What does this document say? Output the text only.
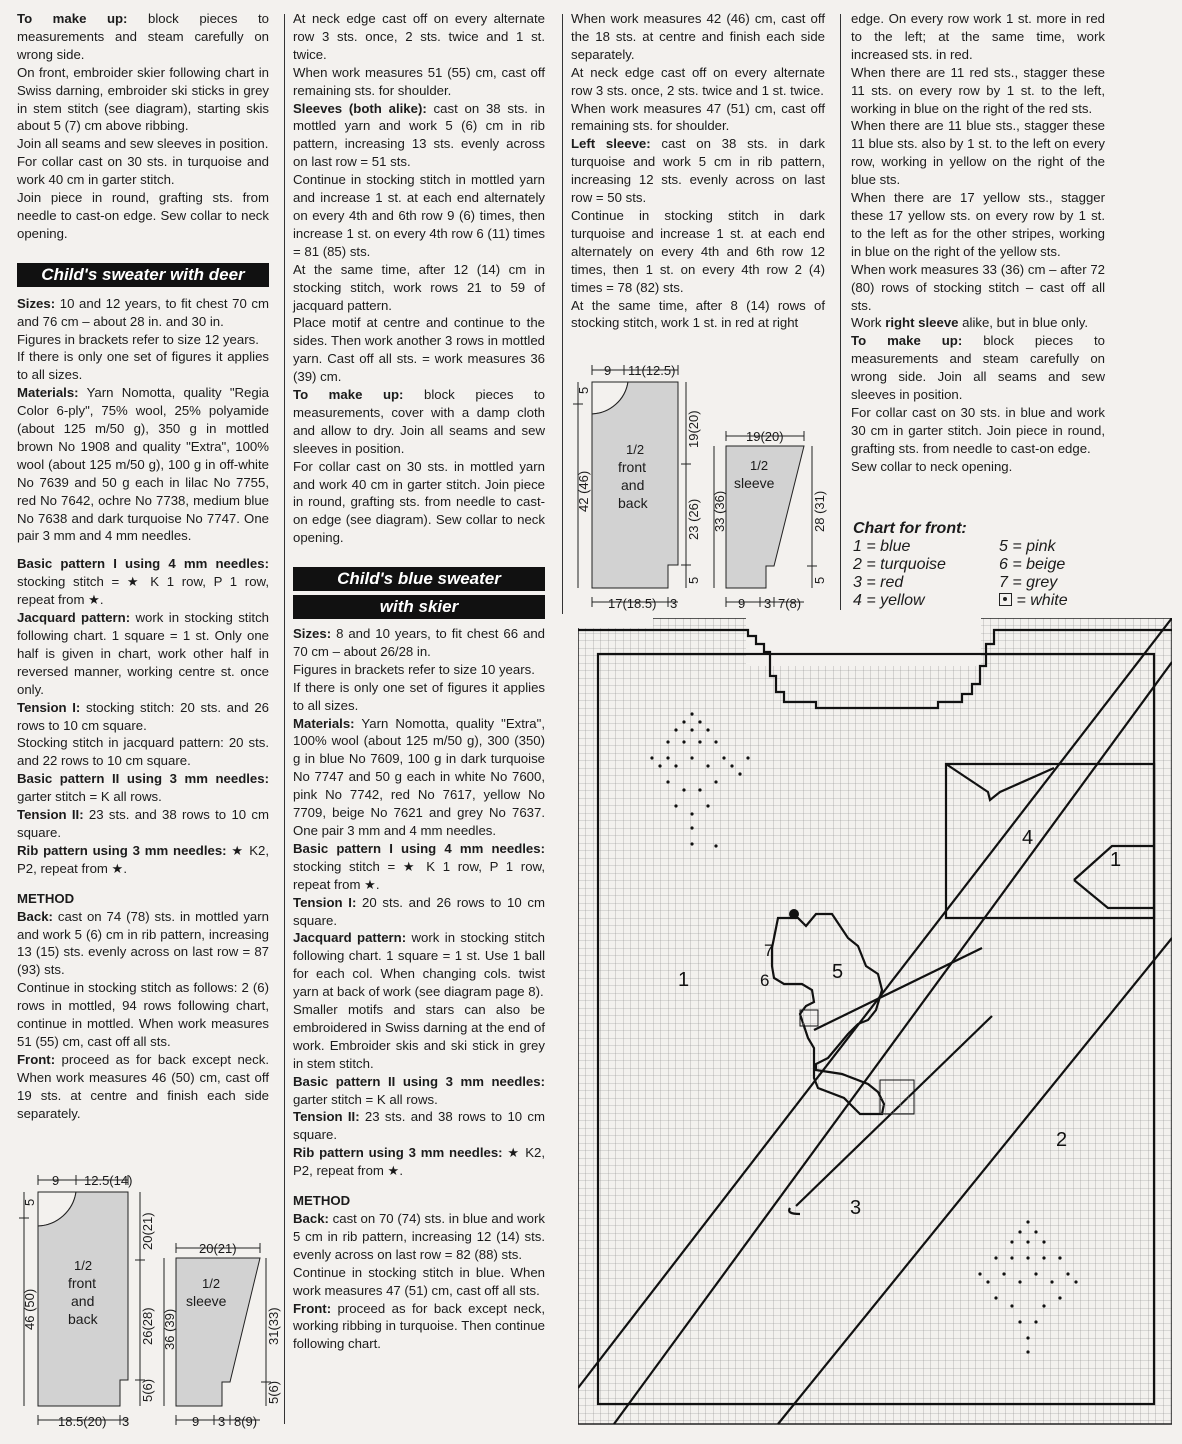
To make up: block pieces to measurements and steam carefully on wrong side.

On front, embroider skier following chart in Swiss darning, embroider ski sticks in grey in stem stitch (see diagram), starting skis about 5 (7) cm above ribbing.

Join all seams and sew sleeves in position.

For collar cast on 30 sts. in turquoise and work 40 cm in garter stitch.

Join piece in round, grafting sts. from needle to cast-on edge. Sew collar to neck opening.

Child's sweater with deer

Sizes: 10 and 12 years, to fit chest 70 cm and 76 cm – about 28 in. and 30 in.

Figures in brackets refer to size 12 years.

If there is only one set of figures it applies to all sizes.

Materials: Yarn Nomotta, quality "Regia Color 6-ply", 75% wool, 25% polyamide (about 125 m/50 g), 350 g in mottled brown No 1908 and quality "Extra", 100% wool (about 125 m/50 g), 100 g in off-white No 7639 and 50 g each in lilac No 7755, red No 7642, ochre No 7738, medium blue No 7638 and dark turquoise No 7747. One pair 3 mm and 4 mm needles.

Basic pattern I using 4 mm needles: stocking stitch = ★ K 1 row, P 1 row, repeat from ★.

Jacquard pattern: work in stocking stitch following chart. 1 square = 1 st. Only one half is given in chart, work other half in reversed manner, working centre st. once only.

Tension I: stocking stitch: 20 sts. and 26 rows to 10 cm square.

Stocking stitch in jacquard pattern: 20 sts. and 22 rows to 10 cm square.

Basic pattern II using 3 mm needles: garter stitch = K all rows.

Tension II: 23 sts. and 38 rows to 10 cm square.

Rib pattern using 3 mm needles: ★ K2, P2, repeat from ★.

METHOD

Back: cast on 74 (78) sts. in mottled yarn and work 5 (6) cm in rib pattern, increasing 13 (15) sts. evenly across on last row = 87 (93) sts.

Continue in stocking stitch as follows: 2 (6) rows in mottled, 94 rows following chart, continue in mottled. When work measures 51 (55) cm, cast off all sts.

Front: proceed as for back except neck. When work measures 46 (50) cm, cast off 19 sts. at centre and finish each side separately.

9 12.5(14)
1/2
front
and
back
5
46 (50)
20(21)
26(28)
5(6)
18.5(20) 3
20(21)
1/2
sleeve
36 (39)	31(33)
5(6)
9 3 8(9)

At neck edge cast off on every alternate row 3 sts. once, 2 sts. twice and 1 st. twice.

When work measures 51 (55) cm, cast off remaining sts. for shoulder.

Sleeves (both alike): cast on 38 sts. in mottled yarn and work 5 (6) cm in rib pattern, increasing 13 sts. evenly across on last row = 51 sts.

Continue in stocking stitch in mottled yarn and increase 1 st. at each end alternately on every 4th and 6th row 9 (6) times, then increase 1 st. on every 4th row 6 (11) times = 81 (85) sts.

At the same time, after 12 (14) cm in stocking stitch, work rows 21 to 59 of jacquard pattern.

Place motif at centre and continue to the sides. Then work another 3 rows in mottled yarn. Cast off all sts. = work measures 36 (39) cm.

To make up: block pieces to measurements, cover with a damp cloth and allow to dry. Join all seams and sew sleeves in position.

For collar cast on 30 sts. in mottled yarn and work 40 cm in garter stitch. Join piece in round, grafting sts. from needle to cast-on edge (see diagram). Sew collar to neck opening.

Child's blue sweater
with skier

Sizes: 8 and 10 years, to fit chest 66 and 70 cm – about 26/28 in.

Figures in brackets refer to size 10 years.

If there is only one set of figures it applies to all sizes.

Materials: Yarn Nomotta, quality "Extra", 100% wool (about 125 m/50 g), 300 (350) g in blue No 7609, 100 g in dark turquoise No 7747 and 50 g each in white No 7600, pink No 7742, red No 7617, yellow No 7709, beige No 7621 and grey No 7637. One pair 3 mm and 4 mm needles.

Basic pattern I using 4 mm needles: stocking stitch = ★ K 1 row, P 1 row, repeat from ★.

Tension I: 20 sts. and 26 rows to 10 cm square.

Jacquard pattern: work in stocking stitch following chart. 1 square = 1 st. Use 1 ball for each col. When changing cols. twist yarn at back of work (see diagram page 8).

Smaller motifs and stars can also be embroidered in Swiss darning at the end of work. Embroider skis and ski stick in grey in stem stitch.

Basic pattern II using 3 mm needles: garter stitch = K all rows.

Tension II: 23 sts. and 38 rows to 10 cm square.

Rib pattern using 3 mm needles: ★ K2, P2, repeat from ★.

METHOD

Back: cast on 70 (74) sts. in blue and work 5 cm in rib pattern, increasing 12 (14) sts. evenly across on last row = 82 (88) sts.

Continue in stocking stitch in blue. When work measures 47 (51) cm, cast off all sts.

Front: proceed as for back except neck, working ribbing in turquoise. Then continue following chart.

When work measures 42 (46) cm, cast off the 18 sts. at centre and finish each side separately.

At neck edge cast off on every alternate row 3 sts. once, 2 sts. twice and 1 st. twice.

When work measures 47 (51) cm, cast off remaining sts. for shoulder.

Left sleeve: cast on 38 sts. in dark turquoise and work 5 cm in rib pattern, increasing 12 sts. evenly across on last row = 50 sts.

Continue in stocking stitch in dark turquoise and increase 1 st. at each end alternately on every 4th and 6th row 12 times, then 1 st. on every 4th row 2 (4) times = 78 (82) sts.

At the same time, after 8 (14) rows of stocking stitch, work 1 st. in red at right

9 11(12.5)
1/2
front
and
back
5
42 (46)
19(20)
23 (26)
5
17(18.5) 3
19(20)
1/2
sleeve
33 (36)	28 (31)
5
9 3 7(8)

edge. On every row work 1 st. more in red to the left; at the same time, work increased sts. in red.

When there are 11 red sts., stagger these 11 sts. on every row by 1 st. to the left, working in blue on the right of the red sts.

When there are 11 blue sts., stagger these 11 blue sts. also by 1 st. to the left on every row, working in yellow on the right of the blue sts.

When there are 17 yellow sts., stagger these 17 yellow sts. on every row by 1 st. to the left as for the other stripes, working in blue on the right of the yellow sts.

When work measures 33 (36) cm – after 72 (80) rows of stocking stitch – cast off all sts.

Work right sleeve alike, but in blue only.

To make up: block pieces to measurements and steam carefully on wrong side. Join all seams and sew sleeves in position.

For collar cast on 30 sts. in blue and work 30 cm in garter stitch. Join piece in round, grafting sts. from needle to cast-on edge.

Sew collar to neck opening.

Chart for front:
1 = blue
2 = turquoise
3 = red
4 = yellow
5 = pink
6 = beige
7 = grey
= white
1
2
3
4
1
5
6
7
